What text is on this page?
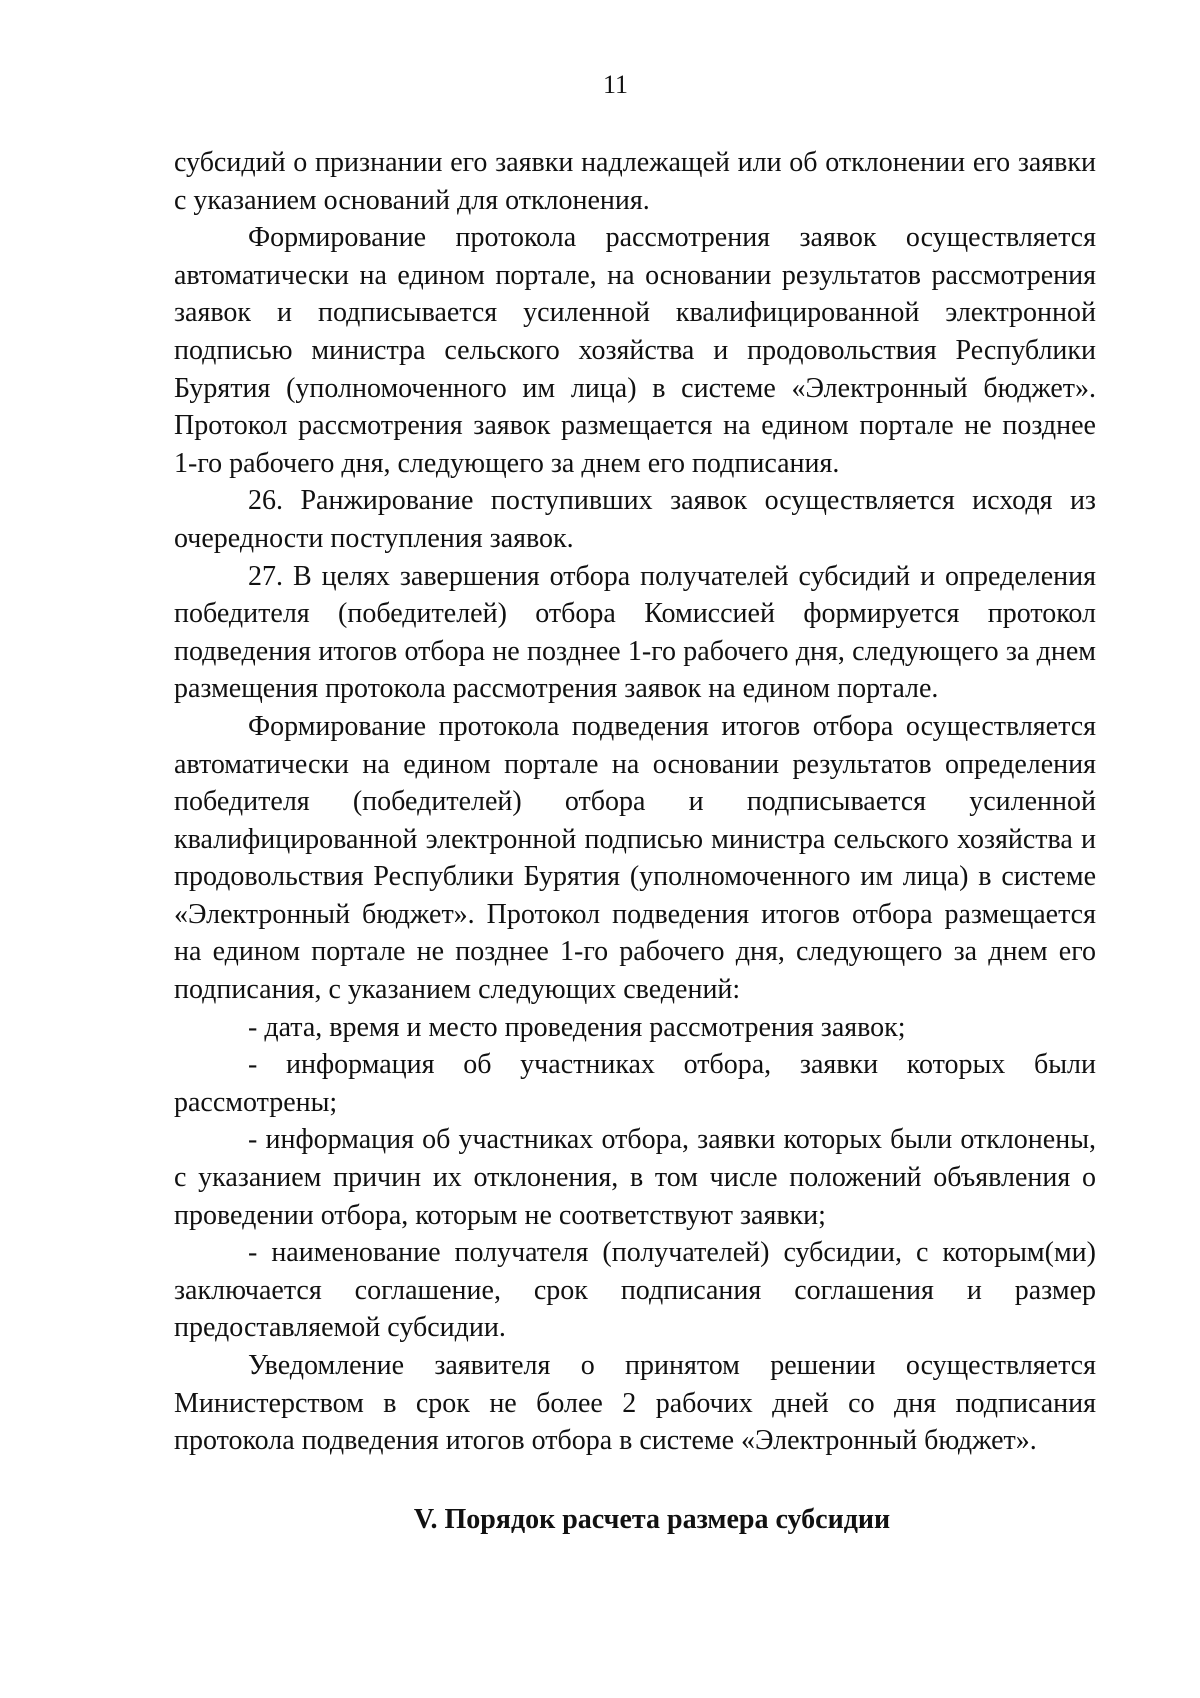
11

субсидий о признании его заявки надлежащей или об отклонении его заявки с указанием оснований для отклонения.

Формирование протокола рассмотрения заявок осуществляется автоматически на едином портале, на основании результатов рассмотрения заявок и подписывается усиленной квалифицированной электронной подписью министра сельского хозяйства и продовольствия Республики Бурятия (уполномоченного им лица) в системе «Электронный бюджет». Протокол рассмотрения заявок размещается на едином портале не позднее 1-го рабочего дня, следующего за днем его подписания.

26. Ранжирование поступивших заявок осуществляется исходя из очередности поступления заявок.

27. В целях завершения отбора получателей субсидий и определения победителя (победителей) отбора Комиссией формируется протокол подведения итогов отбора не позднее 1-го рабочего дня, следующего за днем размещения протокола рассмотрения заявок на едином портале.

Формирование протокола подведения итогов отбора осуществляется автоматически на едином портале на основании результатов определения победителя (победителей) отбора и подписывается усиленной квалифицированной электронной подписью министра сельского хозяйства и продовольствия Республики Бурятия (уполномоченного им лица) в системе «Электронный бюджет». Протокол подведения итогов отбора размещается на едином портале не позднее 1-го рабочего дня, следующего за днем его подписания, с указанием следующих сведений:

- дата, время и место проведения рассмотрения заявок;

- информация об участниках отбора, заявки которых были рассмотрены;

- информация об участниках отбора, заявки которых были отклонены, с указанием причин их отклонения, в том числе положений объявления о проведении отбора, которым не соответствуют заявки;

- наименование получателя (получателей) субсидии, с которым(ми) заключается соглашение, срок подписания соглашения и размер предоставляемой субсидии.

Уведомление заявителя о принятом решении осуществляется Министерством в срок не более 2 рабочих дней со дня подписания протокола подведения итогов отбора в системе «Электронный бюджет».

V. Порядок расчета размера субсидии
